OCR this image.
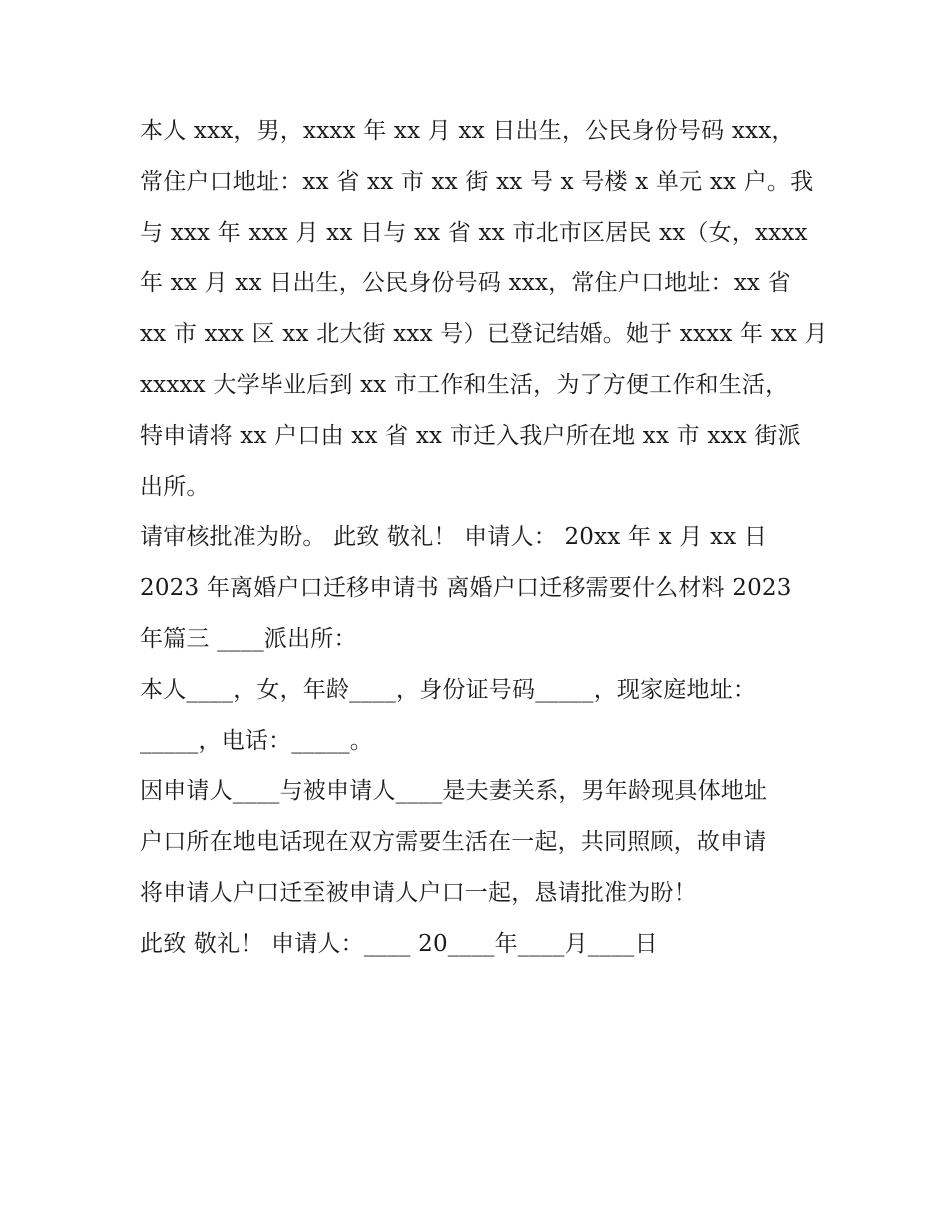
本人 xxx，男，xxxx 年 xx 月 xx 日出生，公民身份号码 xxx，
常住户口地址：xx 省 xx 市 xx 街 xx 号 x 号楼 x 单元 xx 户。我
与 xxx 年 xxx 月 xx 日与 xx 省 xx 市北市区居民 xx（女，xxxx
年 xx 月 xx 日出生，公民身份号码 xxx，常住户口地址：xx 省
xx 市 xxx 区 xx 北大街 xxx 号）已登记结婚。她于 xxxx 年 xx 月
xxxxx 大学毕业后到 xx 市工作和生活，为了方便工作和生活，
特申请将 xx 户口由 xx 省 xx 市迁入我户所在地 xx 市 xxx 街派
出所。
请审核批准为盼。 此致 敬礼！ 申请人： 20xx 年 x 月 xx 日
2023 年离婚户口迁移申请书 离婚户口迁移需要什么材料 2023
年篇三 ____派出所：
本人____，女，年龄____，身份证号码_____，现家庭地址：
_____，电话：_____。
因申请人____与被申请人____是夫妻关系，男年龄现具体地址
户口所在地电话现在双方需要生活在一起，共同照顾，故申请
将申请人户口迁至被申请人户口一起，恳请批准为盼！
此致 敬礼！ 申请人：____ 20____年____月____日
